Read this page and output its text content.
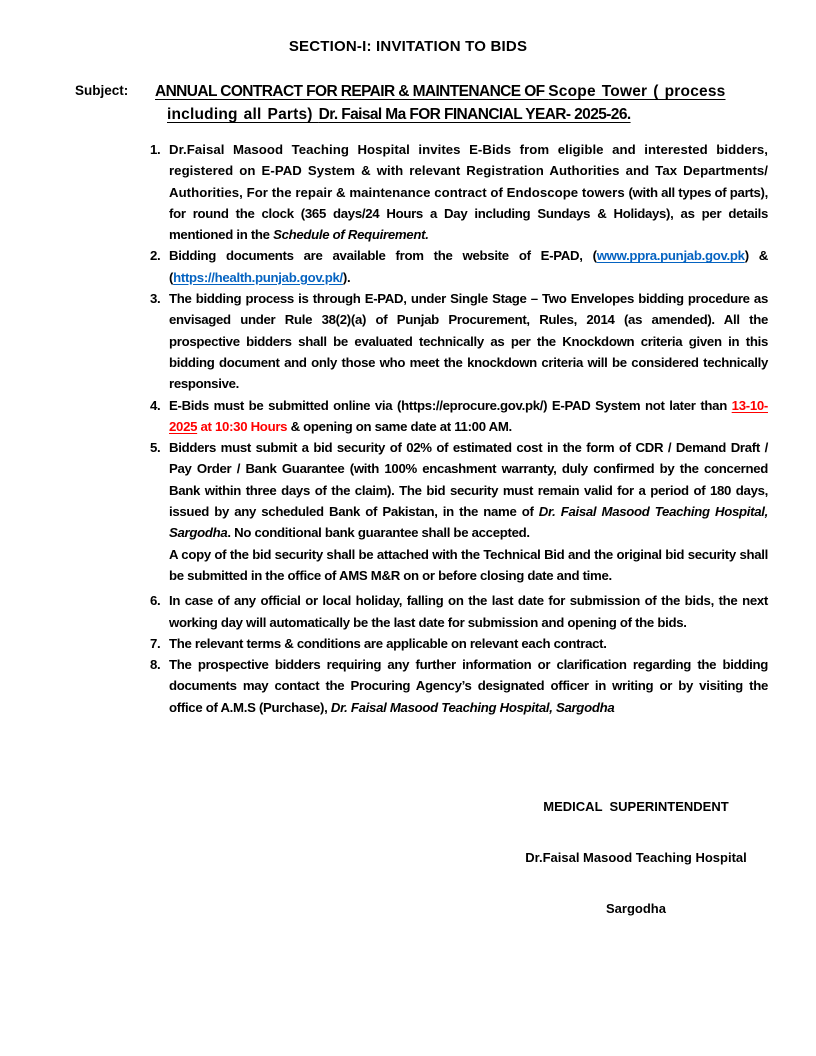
SECTION-I: INVITATION TO BIDS
Subject:	ANNUAL CONTRACT FOR REPAIR & MAINTENANCE OF Scope Tower ( process
including all Parts) Dr. Faisal Ma FOR FINANCIAL YEAR- 2025-26.
1. Dr.Faisal Masood Teaching Hospital invites E-Bids from eligible and interested bidders, registered on E-PAD System & with relevant Registration Authorities and Tax Departments/ Authorities, For the repair & maintenance contract of Endoscope towers (with all types of parts), for round the clock (365 days/24 Hours a Day including Sundays & Holidays), as per details mentioned in the Schedule of Requirement.
2. Bidding documents are available from the website of E-PAD, (www.ppra.punjab.gov.pk) & (https://health.punjab.gov.pk/).
3. The bidding process is through E-PAD, under Single Stage – Two Envelopes bidding procedure as envisaged under Rule 38(2)(a) of Punjab Procurement, Rules, 2014 (as amended). All the prospective bidders shall be evaluated technically as per the Knockdown criteria given in this bidding document and only those who meet the knockdown criteria will be considered technically responsive.
4. E-Bids must be submitted online via (https://eprocure.gov.pk/) E-PAD System not later than 13-10-2025 at 10:30 Hours & opening on same date at 11:00 AM.
5. Bidders must submit a bid security of 02% of estimated cost in the form of CDR / Demand Draft / Pay Order / Bank Guarantee (with 100% encashment warranty, duly confirmed by the concerned Bank within three days of the claim). The bid security must remain valid for a period of 180 days, issued by any scheduled Bank of Pakistan, in the name of Dr. Faisal Masood Teaching Hospital, Sargodha. No conditional bank guarantee shall be accepted.
A copy of the bid security shall be attached with the Technical Bid and the original bid security shall be submitted in the office of AMS M&R on or before closing date and time.
6. In case of any official or local holiday, falling on the last date for submission of the bids, the next working day will automatically be the last date for submission and opening of the bids.
7. The relevant terms & conditions are applicable on relevant each contract.
8. The prospective bidders requiring any further information or clarification regarding the bidding documents may contact the Procuring Agency’s designated officer in writing or by visiting the office of A.M.S (Purchase), Dr. Faisal Masood Teaching Hospital, Sargodha

MEDICAL  SUPERINTENDENT

Dr.Faisal Masood Teaching Hospital

Sargodha
